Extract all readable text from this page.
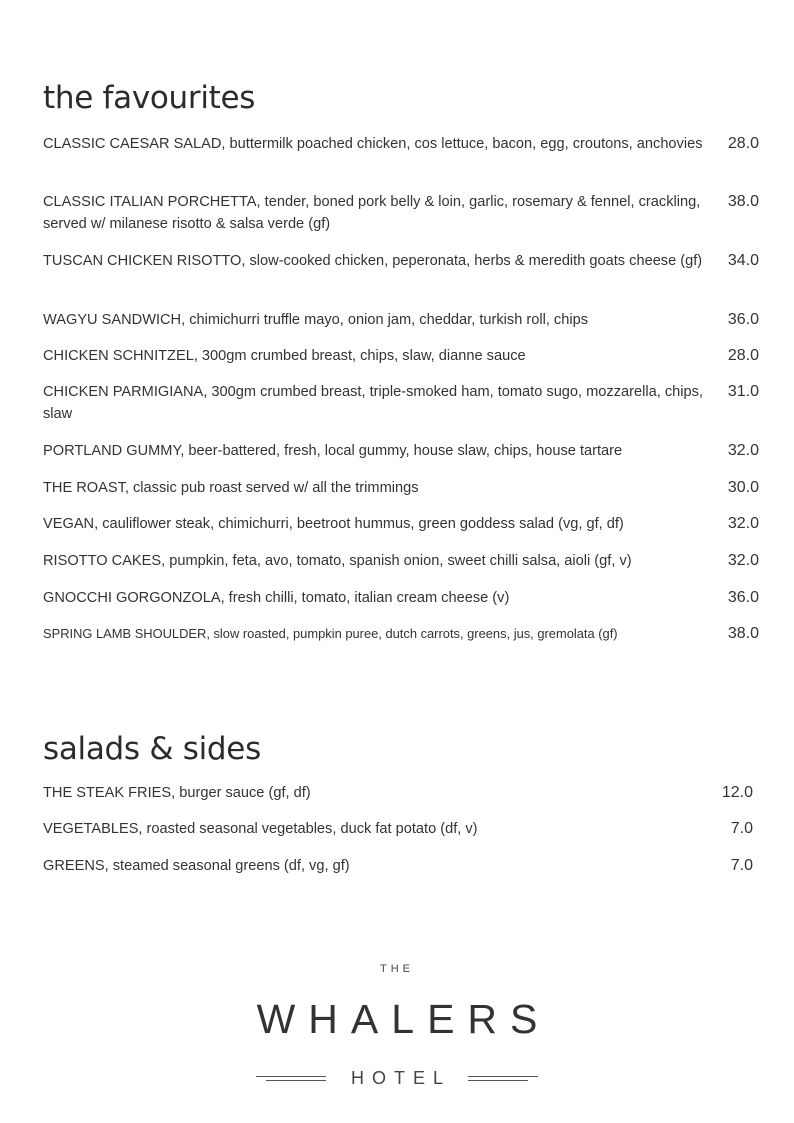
the favourites
CLASSIC CAESAR SALAD, buttermilk poached chicken, cos lettuce, bacon, egg, croutons, anchovies	28.0
CLASSIC ITALIAN PORCHETTA, tender, boned pork belly & loin, garlic, rosemary & fennel, crackling, served w/ milanese risotto & salsa verde (gf)
38.0
TUSCAN CHICKEN RISOTTO, slow-cooked chicken, peperonata, herbs & meredith goats cheese (gf)	34.0
WAGYU SANDWICH, chimichurri truffle mayo, onion jam, cheddar, turkish roll, chips	36.0
CHICKEN SCHNITZEL, 300gm crumbed breast, chips, slaw, dianne sauce	28.0
CHICKEN PARMIGIANA, 300gm crumbed breast, triple-smoked ham, tomato sugo, mozzarella, chips, slaw
31.0
PORTLAND GUMMY, beer-battered, fresh, local gummy, house slaw, chips, house tartare	32.0
THE ROAST, classic pub roast served w/ all the trimmings	30.0
VEGAN, cauliflower steak, chimichurri, beetroot hummus, green goddess salad (vg, gf, df)	32.0
RISOTTO CAKES, pumpkin, feta, avo, tomato, spanish onion, sweet chilli salsa, aioli (gf, v)	32.0
GNOCCHI GORGONZOLA, fresh chilli, tomato, italian cream cheese (v)	36.0
SPRING LAMB SHOULDER, slow roasted, pumpkin puree, dutch carrots, greens, jus, gremolata (gf)	38.0
salads & sides
THE STEAK FRIES, burger sauce (gf, df)	12.0
VEGETABLES, roasted seasonal vegetables, duck fat potato (df, v)	7.0
GREENS, steamed seasonal greens (df, vg, gf)	7.0
THE
WHALERS
HOTEL
